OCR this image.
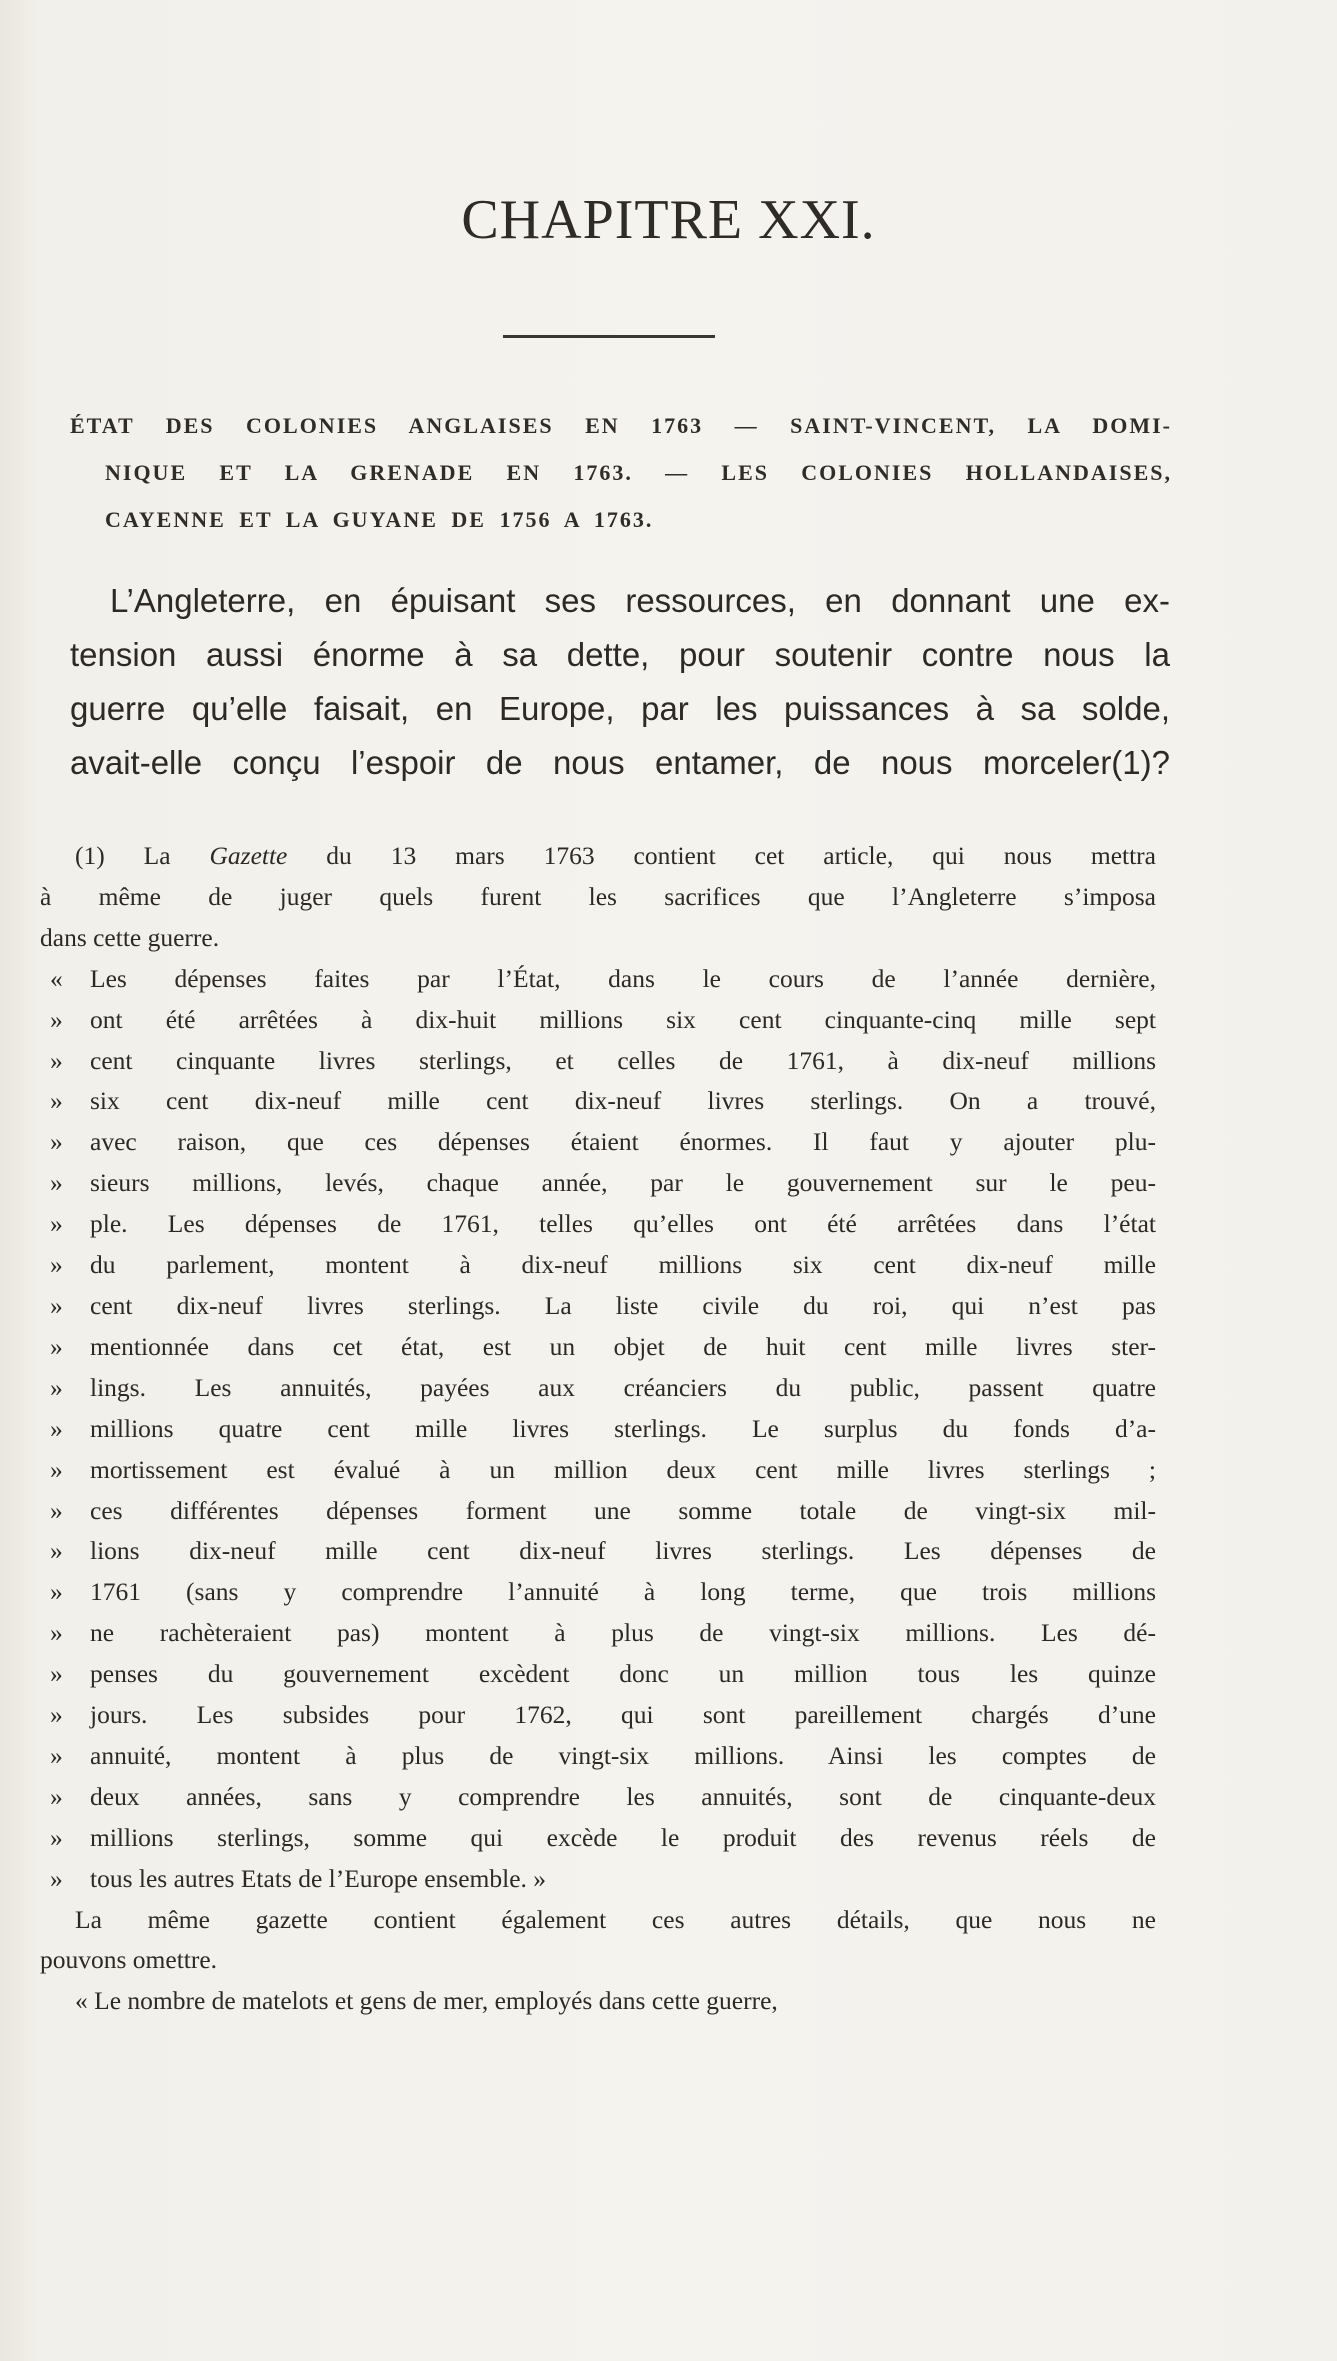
CHAPITRE XXI.

ÉTAT DES COLONIES ANGLAISES EN 1763 — SAINT-VINCENT, LA DOMI-
NIQUE ET LA GRENADE EN 1763. — LES COLONIES HOLLANDAISES,
CAYENNE ET LA GUYANE DE 1756 A 1763.

L’Angleterre, en épuisant ses ressources, en donnant une ex-
tension aussi énorme à sa dette, pour soutenir contre nous la
guerre qu’elle faisait, en Europe, par les puissances à sa solde,
avait-elle conçu l’espoir de nous entamer, de nous morceler(1)?

(1) La Gazette du 13 mars 1763 contient cet article, qui nous mettra
à même de juger quels furent les sacrifices que l’Angleterre s’imposa
dans cette guerre.
« Les dépenses faites par l’État, dans le cours de l’année dernière,
» ont été arrêtées à dix-huit millions six cent cinquante-cinq mille sept
» cent cinquante livres sterlings, et celles de 1761, à dix-neuf millions
» six cent dix-neuf mille cent dix-neuf livres sterlings. On a trouvé,
» avec raison, que ces dépenses étaient énormes. Il faut y ajouter plu-
» sieurs millions, levés, chaque année, par le gouvernement sur le peu-
» ple. Les dépenses de 1761, telles qu’elles ont été arrêtées dans l’état
» du parlement, montent à dix-neuf millions six cent dix-neuf mille
» cent dix-neuf livres sterlings. La liste civile du roi, qui n’est pas
» mentionnée dans cet état, est un objet de huit cent mille livres ster-
» lings. Les annuités, payées aux créanciers du public, passent quatre
» millions quatre cent mille livres sterlings. Le surplus du fonds d’a-
» mortissement est évalué à un million deux cent mille livres sterlings ;
» ces différentes dépenses forment une somme totale de vingt-six mil-
» lions dix-neuf mille cent dix-neuf livres sterlings. Les dépenses de
» 1761 (sans y comprendre l’annuité à long terme, que trois millions
» ne rachèteraient pas) montent à plus de vingt-six millions. Les dé-
» penses du gouvernement excèdent donc un million tous les quinze
» jours. Les subsides pour 1762, qui sont pareillement chargés d’une
» annuité, montent à plus de vingt-six millions. Ainsi les comptes de
» deux années, sans y comprendre les annuités, sont de cinquante-deux
» millions sterlings, somme qui excède le produit des revenus réels de
» tous les autres Etats de l’Europe ensemble. »
La même gazette contient également ces autres détails, que nous ne
pouvons omettre.
« Le nombre de matelots et gens de mer, employés dans cette guerre,
